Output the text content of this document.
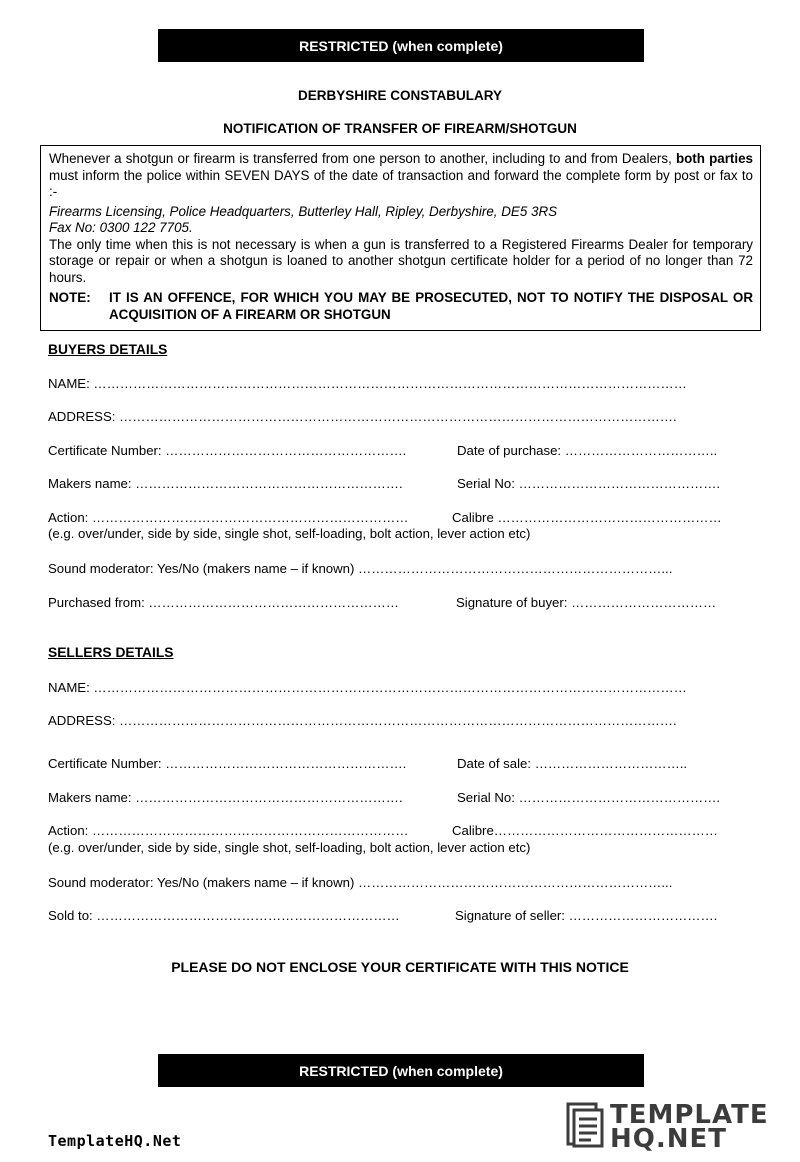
RESTRICTED (when complete)
DERBYSHIRE CONSTABULARY
NOTIFICATION OF TRANSFER OF FIREARM/SHOTGUN

Whenever a shotgun or firearm is transferred from one person to another, including to and from Dealers, both parties must inform the police within SEVEN DAYS of the date of transaction and forward the complete form by post or fax to :-

Firearms Licensing, Police Headquarters, Butterley Hall, Ripley, Derbyshire, DE5 3RS

Fax No: 0300 122 7705.

The only time when this is not necessary is when a gun is transferred to a Registered Firearms Dealer for temporary storage or repair or when a shotgun is loaned to another shotgun certificate holder for a period of no longer than 72 hours.

NOTE:	IT IS AN OFFENCE, FOR WHICH YOU MAY BE PROSECUTED, NOT TO NOTIFY THE DISPOSAL OR ACQUISITION OF A FIREARM OR SHOTGUN
BUYERS DETAILS
NAME: ………………………………………………………………………………………………………………………
ADDRESS: ……………………………………………………………………………………………………………….
Certificate Number: ……………………………………………….	Date of purchase: ……………………………..
Makers name: …………………………………………………….	Serial No: ……………………………………….
Action: ………………………………………………………………	Calibre ……………………………………………
(e.g. over/under, side by side, single shot, self-loading, bolt action, lever action etc)
Sound moderator: Yes/No (makers name – if known) ……………………………………………………………...
Purchased from: …………………………………………………	Signature of buyer: ……………………………
SELLERS DETAILS
NAME: ………………………………………………………………………………………………………………………
ADDRESS: ……………………………………………………………………………………………………………….
Certificate Number: ……………………………………………….	Date of sale: ……………………………..
Makers name: …………………………………………………….	Serial No: ……………………………………….
Action: ………………………………………………………………	Calibre……………………………………………
(e.g. over/under, side by side, single shot, self-loading, bolt action, lever action etc)
Sound moderator: Yes/No (makers name – if known) ……………………………………………………………...
Sold to: ……………………………………………………………	Signature of seller: …………………………….
PLEASE DO NOT ENCLOSE YOUR CERTIFICATE WITH THIS NOTICE
RESTRICTED (when complete)
TemplateHQ.Net
TEMPLATE
HQ.NET
